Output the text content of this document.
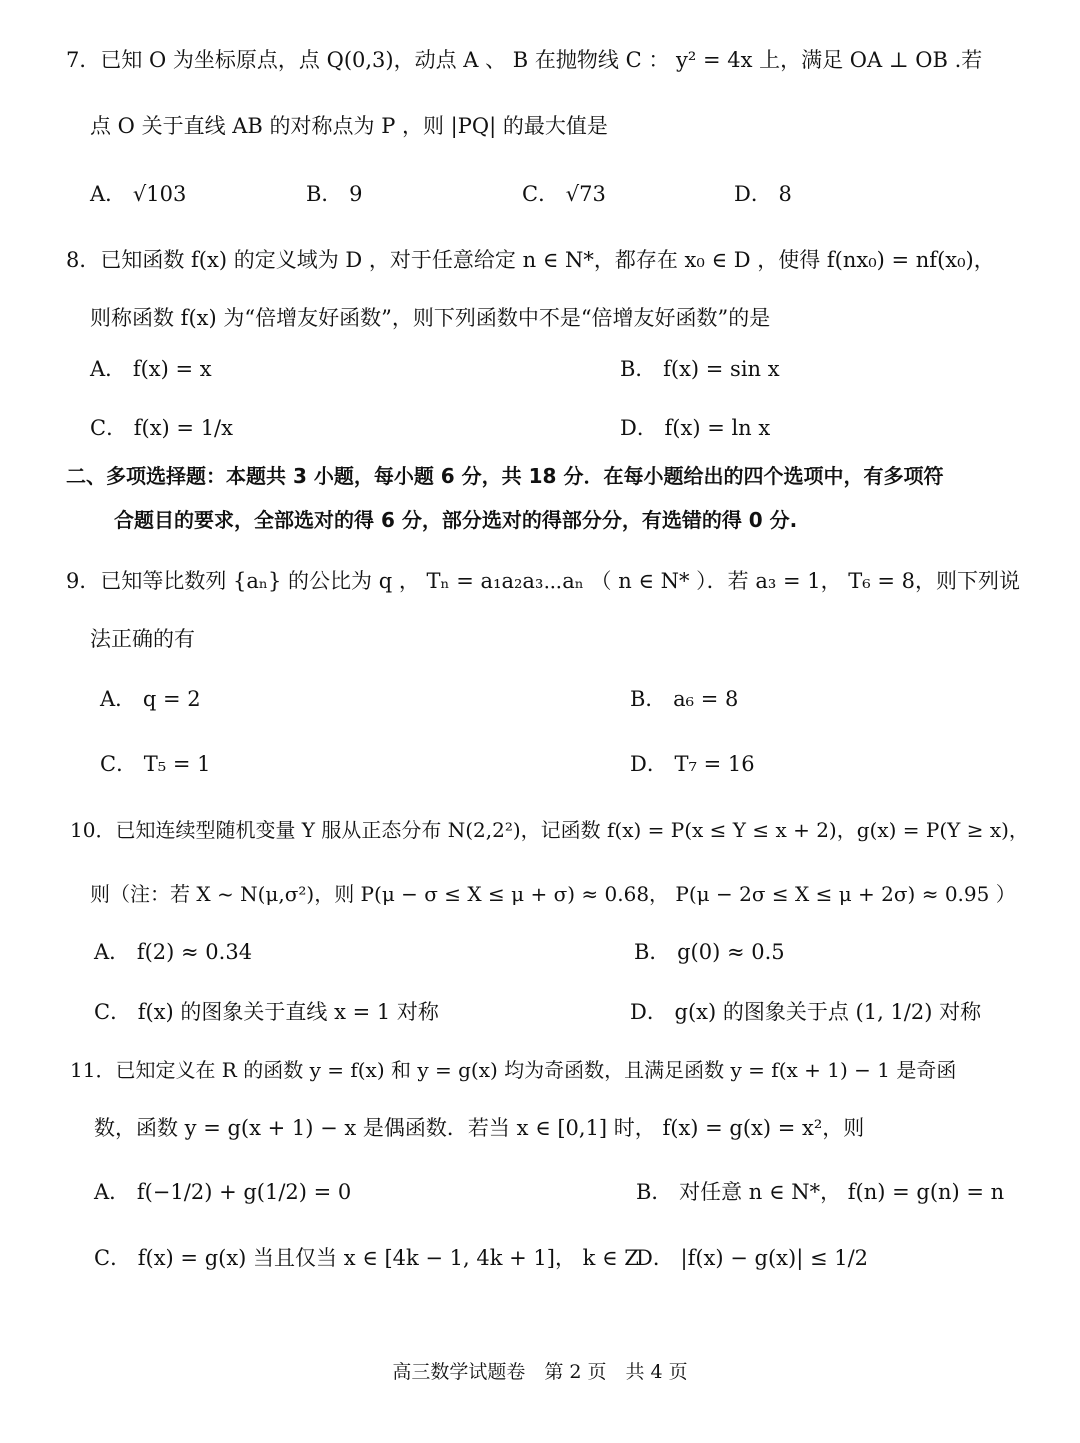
7．已知 O 为坐标原点，点 Q(0,3)，动点 A 、 B 在抛物线 C ： y² = 4x 上，满足 OA ⊥ OB .若
点 O 关于直线 AB 的对称点为 P ，则 |PQ| 的最大值是
A． √103	B． 9	C． √73	D． 8
8．已知函数 f(x) 的定义域为 D ，对于任意给定 n ∈ N*，都存在 x₀ ∈ D ，使得 f(nx₀) = nf(x₀)，
则称函数 f(x) 为“倍增友好函数”，则下列函数中不是“倍增友好函数”的是
A． f(x) = x	B． f(x) = sin x
C． f(x) = 1/x	D． f(x) = ln x
二、多项选择题：本题共 3 小题，每小题 6 分，共 18 分．在每小题给出的四个选项中，有多项符
合题目的要求，全部选对的得 6 分，部分选对的得部分分，有选错的得 0 分.
9．已知等比数列 {aₙ} 的公比为 q ， Tₙ = a₁a₂a₃⋯aₙ （ n ∈ N* ）．若 a₃ = 1， T₆ = 8，则下列说
法正确的有
A． q = 2	B． a₆ = 8
C． T₅ = 1	D． T₇ = 16
10．已知连续型随机变量 Y 服从正态分布 N(2,2²)，记函数 f(x) = P(x ≤ Y ≤ x + 2)，g(x) = P(Y ≥ x)，
则（注：若 X ~ N(μ,σ²)，则 P(μ − σ ≤ X ≤ μ + σ) ≈ 0.68， P(μ − 2σ ≤ X ≤ μ + 2σ) ≈ 0.95 ）
A． f(2) ≈ 0.34	B． g(0) ≈ 0.5
C． f(x) 的图象关于直线 x = 1 对称	D． g(x) 的图象关于点 (1, 1/2) 对称
11．已知定义在 R 的函数 y = f(x) 和 y = g(x) 均为奇函数，且满足函数 y = f(x + 1) − 1 是奇函
数，函数 y = g(x + 1) − x 是偶函数．若当 x ∈ [0,1] 时， f(x) = g(x) = x²，则
A． f(−1/2) + g(1/2) = 0	B． 对任意 n ∈ N*， f(n) = g(n) = n
C． f(x) = g(x) 当且仅当 x ∈ [4k − 1, 4k + 1]， k ∈ Z
D． |f(x) − g(x)| ≤ 1/2
高三数学试题卷　第 2 页　共 4 页
